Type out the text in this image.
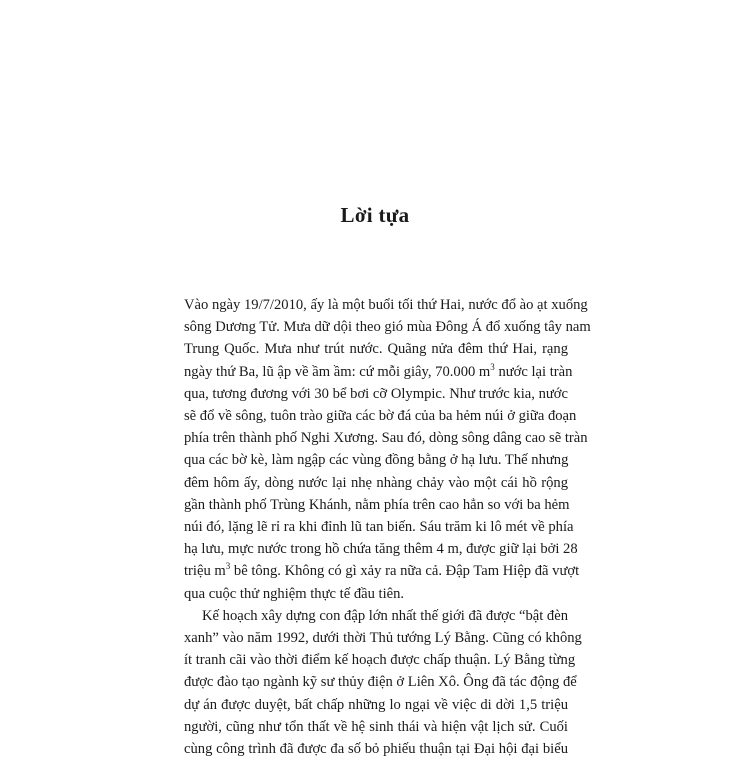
Lời tựa
Vào ngày 19/7/2010, ấy là một buổi tối thứ Hai, nước đổ ào ạt xuống
sông Dương Tử. Mưa dữ dội theo gió mùa Đông Á đổ xuống tây nam
Trung Quốc. Mưa như trút nước. Quãng nửa đêm thứ Hai, rạng
ngày thứ Ba, lũ ập về ầm ầm: cứ mỗi giây, 70.000 $m^3$ nước lại tràn
qua, tương đương với 30 bể bơi cỡ Olympic. Như trước kia, nước
sẽ đổ về sông, tuôn trào giữa các bờ đá của ba hẻm núi ở giữa đoạn
phía trên thành phố Nghi Xương. Sau đó, dòng sông dâng cao sẽ tràn
qua các bờ kè, làm ngập các vùng đồng bằng ở hạ lưu. Thế nhưng
đêm hôm ấy, dòng nước lại nhẹ nhàng chảy vào một cái hồ rộng
gần thành phố Trùng Khánh, nằm phía trên cao hẳn so với ba hẻm
núi đó, lặng lẽ rỉ ra khi đỉnh lũ tan biến. Sáu trăm ki lô mét về phía
hạ lưu, mực nước trong hồ chứa tăng thêm 4 m, được giữ lại bởi 28
triệu $m^3$ bê tông. Không có gì xảy ra nữa cả. Đập Tam Hiệp đã vượt
qua cuộc thử nghiệm thực tế đầu tiên.
Kế hoạch xây dựng con đập lớn nhất thế giới đã được “bật đèn
xanh” vào năm 1992, dưới thời Thủ tướng Lý Bằng. Cũng có không
ít tranh cãi vào thời điểm kế hoạch được chấp thuận. Lý Bằng từng
được đào tạo ngành kỹ sư thủy điện ở Liên Xô. Ông đã tác động để
dự án được duyệt, bất chấp những lo ngại về việc di dời 1,5 triệu
người, cũng như tổn thất về hệ sinh thái và hiện vật lịch sử. Cuối
cùng công trình đã được đa số bỏ phiếu thuận tại Đại hội đại biểu
